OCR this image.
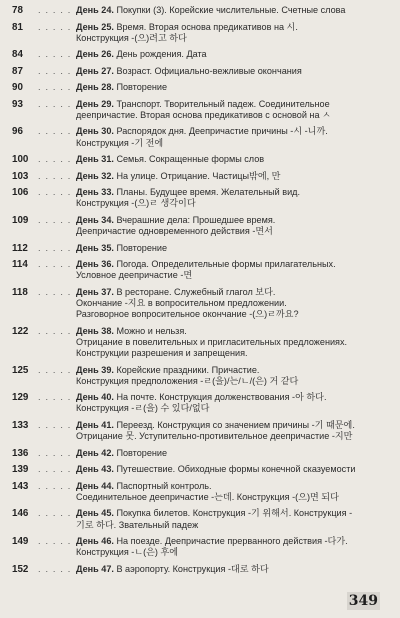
78	. . . . . День 24. Покупки (3). Корейские числительные. Счетные слова
81	. . . . . День 25. Время. Вторая основа предикативов на 시.
Конструкция -(으)려고 하다
84	. . . . . День 26. День рождения. Дата
87	. . . . . День 27. Возраст. Официально-вежливые окончания
90	. . . . . День 28. Повторение
93	. . . . . День 29. Транспорт. Творительный падеж. Соединительное
деепричастие. Вторая основа предикативов с основой на ㅅ
96	. . . . . День 30. Распорядок дня. Деепричастие причины -시 -니까.
Конструкция -기 전에
100	. . . . . День 31. Семья. Сокращенные формы слов
103	. . . . . День 32. На улице. Отрицание. Частицы밖에, 만
106	. . . . . День 33. Планы. Будущее время. Желательный вид.
Конструкция -(으)ㄹ 생각이다
109	. . . . . День 34. Вчерашние дела: Прошедшее время.
Деепричастие одновременного действия -면서
112	. . . . . День 35. Повторение
114	. . . . . День 36. Погода. Определительные формы прилагательных.
Условное деепричастие -면
118	. . . . . День 37. В ресторане. Служебный глагол 보다.
Окончание -지요 в вопросительном предложении.
Разговорное вопросительное окончание -(으)ㄹ까요?
122	. . . . . День 38. Можно и нельзя.
Отрицание в повелительных и пригласительных предложениях.
Конструкции разрешения и запрещения.
125	. . . . . День 39. Корейские праздники. Причастие.
Конструкция предположения -ㄹ(을)/는/ㄴ/(은) 거 같다
129	. . . . . День 40. На почте. Конструкция долженствования -아 하다.
Конструкция -ㄹ(을) 수 있다/없다
133	. . . . . День 41. Переезд. Конструкция со значением причины -기 때문에.
Отрицание 못. Уступительно-противительное деепричастие -지만
136	. . . . . День 42. Повторение
139	. . . . . День 43. Путешествие. Обиходные формы конечной сказуемости
143	. . . . . День 44. Паспортный контроль.
Соединительное деепричастие -는데. Конструкция -(으)면 되다
146	. . . . . День 45. Покупка билетов. Конструкция -기 위해서. Конструкция -
기로 하다. Звательный падеж
149	. . . . . День 46. На поезде. Деепричастие прерванного действия -다가.
Конструкция -ㄴ(은) 후에
152	. . . . . День 47. В аэропорту. Конструкция -대로 하다
349
